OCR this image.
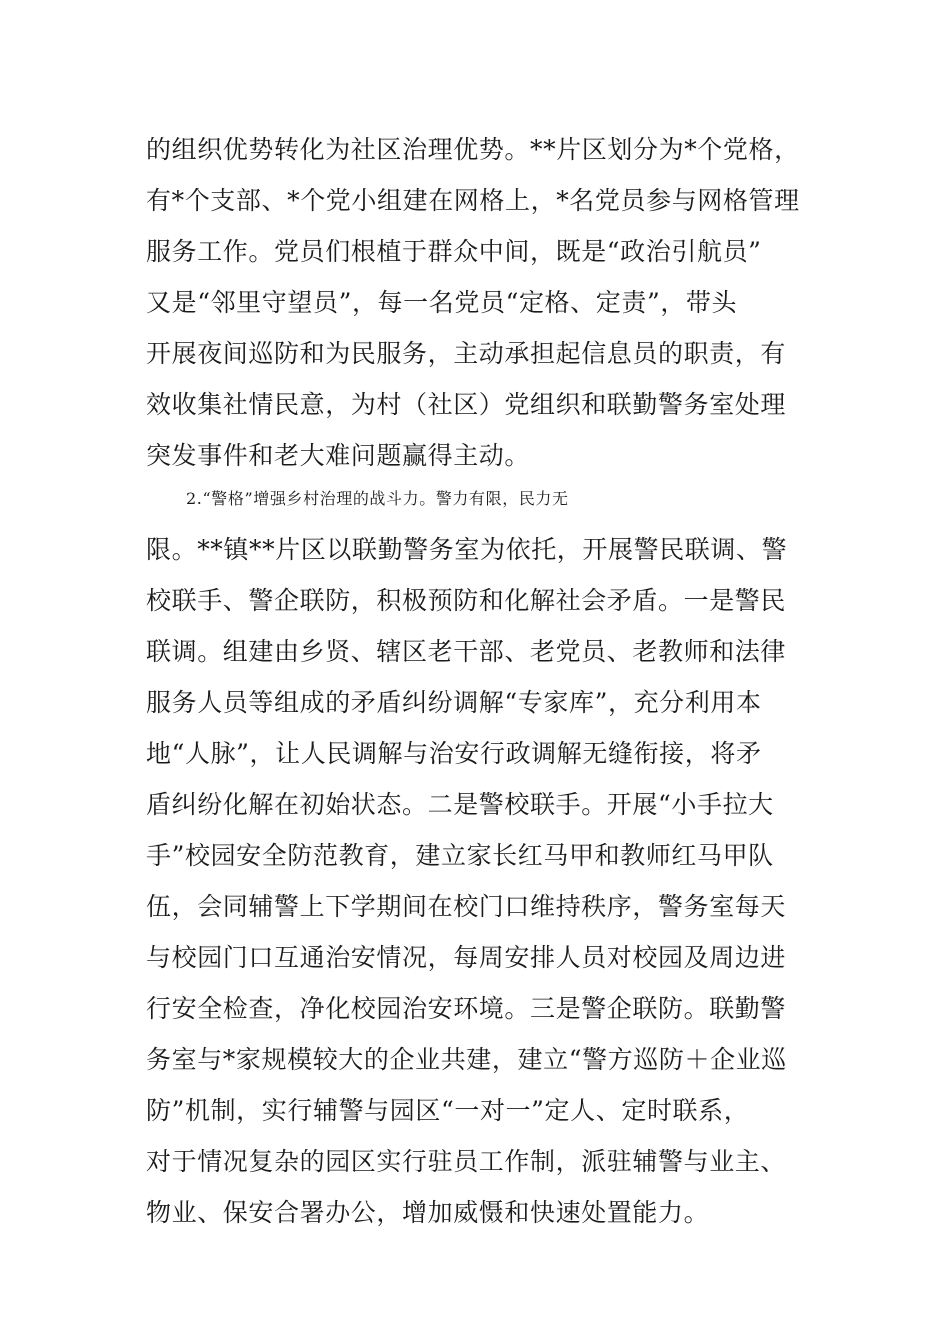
的组织优势转化为社区治理优势。**片区划分为*个党格，
有*个支部、*个党小组建在网格上，*名党员参与网格管理
服务工作。党员们根植于群众中间，既是“政治引航员”
又是“邻里守望员”，每一名党员“定格、定责”，带头
开展夜间巡防和为民服务，主动承担起信息员的职责，有
效收集社情民意，为村（社区）党组织和联勤警务室处理
突发事件和老大难问题赢得主动。
2.“警格”增强乡村治理的战斗力。警力有限，民力无
限。**镇**片区以联勤警务室为依托，开展警民联调、警
校联手、警企联防，积极预防和化解社会矛盾。一是警民
联调。组建由乡贤、辖区老干部、老党员、老教师和法律
服务人员等组成的矛盾纠纷调解“专家库”，充分利用本
地“人脉”，让人民调解与治安行政调解无缝衔接，将矛
盾纠纷化解在初始状态。二是警校联手。开展“小手拉大
手”校园安全防范教育，建立家长红马甲和教师红马甲队
伍，会同辅警上下学期间在校门口维持秩序，警务室每天
与校园门口互通治安情况，每周安排人员对校园及周边进
行安全检查，净化校园治安环境。三是警企联防。联勤警
务室与*家规模较大的企业共建，建立“警方巡防＋企业巡
防”机制，实行辅警与园区“一对一”定人、定时联系，
对于情况复杂的园区实行驻员工作制，派驻辅警与业主、
物业、保安合署办公，增加威慑和快速处置能力。
